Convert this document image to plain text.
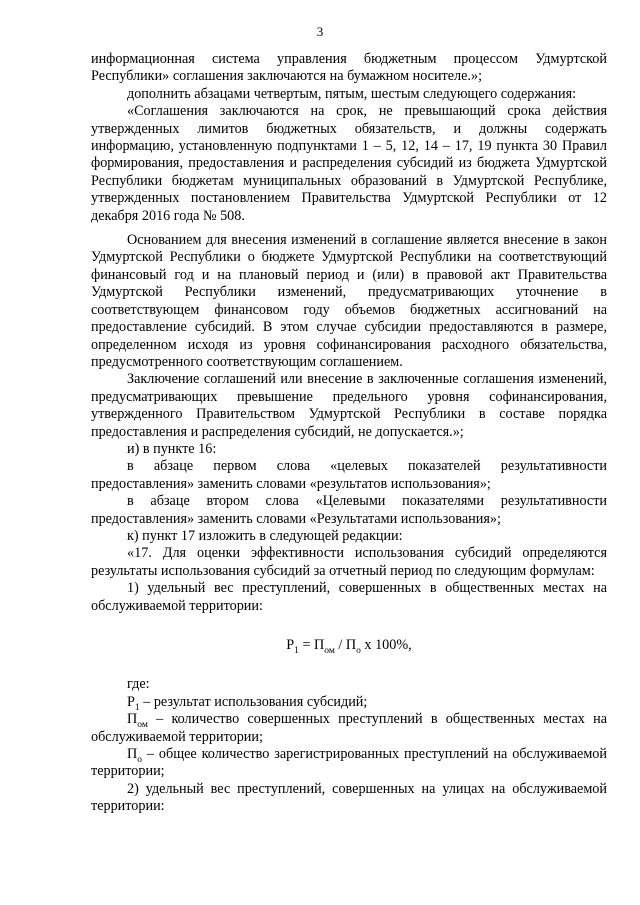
3

информационная система управления бюджетным процессом Удмуртской Республики» соглашения заключаются на бумажном носителе.»;

дополнить абзацами четвертым, пятым, шестым следующего содержания:

«Соглашения заключаются на срок, не превышающий срока действия утвержденных лимитов бюджетных обязательств, и должны содержать информацию, установленную подпунктами 1 – 5, 12, 14 – 17, 19 пункта 30 Правил формирования, предоставления и распределения субсидий из бюджета Удмуртской Республики бюджетам муниципальных образований в Удмуртской Республике, утвержденных постановлением Правительства Удмуртской Республики от 12 декабря 2016 года № 508.

Основанием для внесения изменений в соглашение является внесение в закон Удмуртской Республики о бюджете Удмуртской Республики на соответствующий финансовый год и на плановый период и (или) в правовой акт Правительства Удмуртской Республики изменений, предусматривающих уточнение в соответствующем финансовом году объемов бюджетных ассигнований на предоставление субсидий. В этом случае субсидии предоставляются в размере, определенном исходя из уровня софинансирования расходного обязательства, предусмотренного соответствующим соглашением.

Заключение соглашений или внесение в заключенные соглашения изменений, предусматривающих превышение предельного уровня софинансирования, утвержденного Правительством Удмуртской Республики в составе порядка предоставления и распределения субсидий, не допускается.»;

и) в пункте 16:

в абзаце первом слова «целевых показателей результативности предоставления» заменить словами «результатов использования»;

в абзаце втором слова «Целевыми показателями результативности предоставления» заменить словами «Результатами использования»;

к) пункт 17 изложить в следующей редакции:

«17. Для оценки эффективности использования субсидий определяются результаты использования субсидий за отчетный период по следующим формулам:

1) удельный вес преступлений, совершенных в общественных местах на обслуживаемой территории:

$Р_1 = П_{ом} / П_о$ х 100%,

где:

$Р_1$ – результат использования субсидий;

$П_{ом}$ – количество совершенных преступлений в общественных местах на обслуживаемой территории;

$П_о$ – общее количество зарегистрированных преступлений на обслуживаемой территории;

2) удельный вес преступлений, совершенных на улицах на обслуживаемой территории:
